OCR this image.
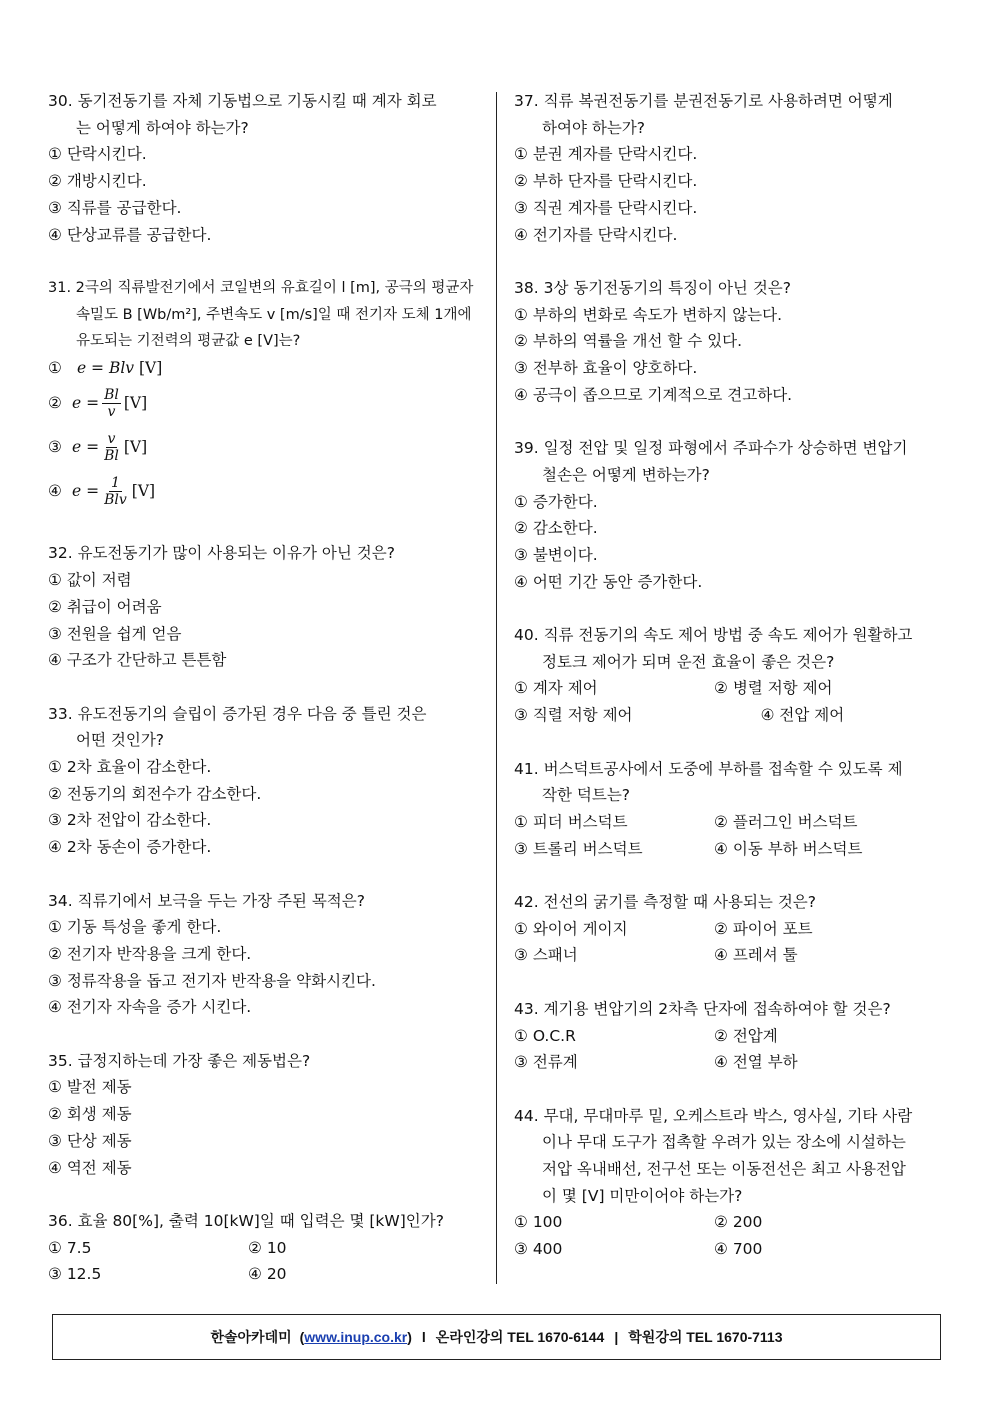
30. 동기전동기를 자체 기동법으로 기동시킬 때 계자 회로
는 어떻게 하여야 하는가?
① 단락시킨다.
② 개방시킨다.
③ 직류를 공급한다.
④ 단상교류를 공급한다.
31. 2극의 직류발전기에서 코일변의 유효길이 l [m], 공극의 평균자
속밀도 B [Wb/m²], 주변속도 v [m/s]일 때 전기자 도체 1개에
유도되는 기전력의 평균값 e [V]는?
① e = Blv [V]
② $e = \frac{Bl}{v} [V]$
③ $e = \frac{v}{Bl} [V]$
④ $e = \frac{1}{\text{Blv}} [V]$
32. 유도전동기가 많이 사용되는 이유가 아닌 것은?
① 값이 저렴
② 취급이 어려움
③ 전원을 쉽게 얻음
④ 구조가 간단하고 튼튼함
33. 유도전동기의 슬립이 증가된 경우 다음 중 틀린 것은
어떤 것인가?
① 2차 효율이 감소한다.
② 전동기의 회전수가 감소한다.
③ 2차 전압이 감소한다.
④ 2차 동손이 증가한다.
34. 직류기에서 보극을 두는 가장 주된 목적은?
① 기동 특성을 좋게 한다.
② 전기자 반작용을 크게 한다.
③ 정류작용을 돕고 전기자 반작용을 약화시킨다.
④ 전기자 자속을 증가 시킨다.
35. 급정지하는데 가장 좋은 제동법은?
① 발전 제동
② 회생 제동
③ 단상 제동
④ 역전 제동
36. 효율 80[%], 출력 10[kW]일 때 입력은 몇 [kW]인가?
① 7.5	② 10
③ 12.5	④ 20
37. 직류 복권전동기를 분권전동기로 사용하려면 어떻게
하여야 하는가?
① 분권 계자를 단락시킨다.
② 부하 단자를 단락시킨다.
③ 직권 계자를 단락시킨다.
④ 전기자를 단락시킨다.
38. 3상 동기전동기의 특징이 아닌 것은?
① 부하의 변화로 속도가 변하지 않는다.
② 부하의 역률을 개선 할 수 있다.
③ 전부하 효율이 양호하다.
④ 공극이 좁으므로 기계적으로 견고하다.
39. 일정 전압 및 일정 파형에서 주파수가 상승하면 변압기
철손은 어떻게 변하는가?
① 증가한다.
② 감소한다.
③ 불변이다.
④ 어떤 기간 동안 증가한다.
40. 직류 전동기의 속도 제어 방법 중 속도 제어가 원활하고
정토크 제어가 되며 운전 효율이 좋은 것은?
① 계자 제어	② 병렬 저항 제어
③ 직렬 저항 제어	④ 전압 제어
41. 버스덕트공사에서 도중에 부하를 접속할 수 있도록 제
작한 덕트는?
① 피더 버스덕트	② 플러그인 버스덕트
③ 트롤리 버스덕트	④ 이동 부하 버스덕트
42. 전선의 굵기를 측정할 때 사용되는 것은?
① 와이어 게이지	② 파이어 포트
③ 스패너	④ 프레셔 툴
43. 계기용 변압기의 2차측 단자에 접속하여야 할 것은?
① O.C.R	② 전압계
③ 전류계	④ 전열 부하
44. 무대, 무대마루 밑, 오케스트라 박스, 영사실, 기타 사람
이나 무대 도구가 접촉할 우려가 있는 장소에 시설하는
저압 옥내배선, 전구선 또는 이동전선은 최고 사용전압
이 몇 [V] 미만이어야 하는가?
① 100	② 200
③ 400	④ 700
한솔아카데미 ( www.inup.co.kr ) l 온라인강의 TEL 1670-6144 | 학원강의 TEL 1670-7113
